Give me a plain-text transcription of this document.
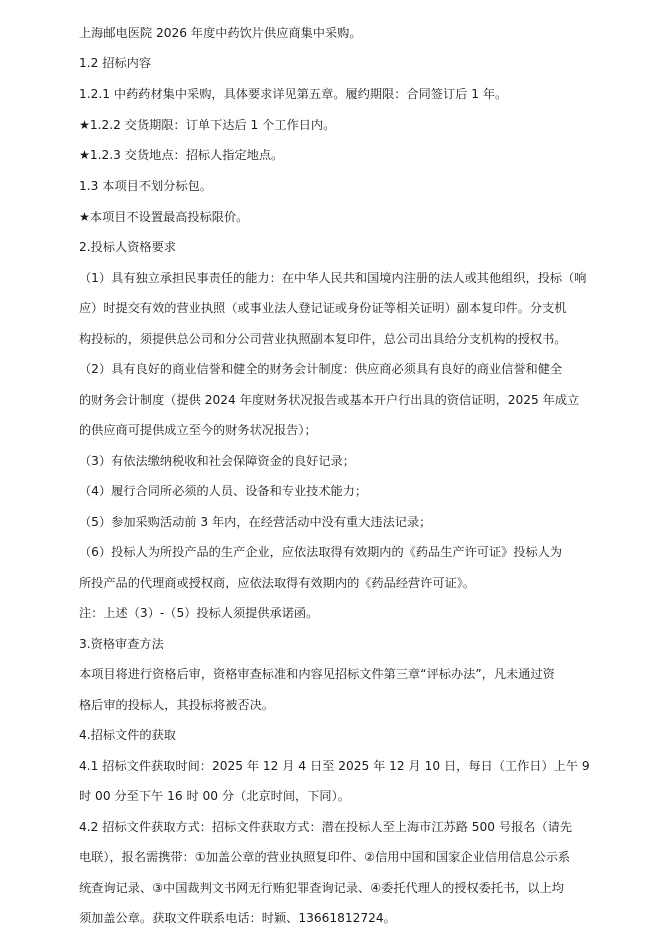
上海邮电医院 2026 年度中药饮片供应商集中采购。
1.2 招标内容
1.2.1 中药药材集中采购，具体要求详见第五章。履约期限：合同签订后 1 年。
★1.2.2 交货期限：订单下达后 1 个工作日内。
★1.2.3 交货地点：招标人指定地点。
1.3 本项目不划分标包。
★本项目不设置最高投标限价。
2.投标人资格要求
（1）具有独立承担民事责任的能力：在中华人民共和国境内注册的法人或其他组织，投标（响
应）时提交有效的营业执照（或事业法人登记证或身份证等相关证明）副本复印件。分支机
构投标的，须提供总公司和分公司营业执照副本复印件，总公司出具给分支机构的授权书。
（2）具有良好的商业信誉和健全的财务会计制度：供应商必须具有良好的商业信誉和健全
的财务会计制度（提供 2024 年度财务状况报告或基本开户行出具的资信证明，2025 年成立
的供应商可提供成立至今的财务状况报告）；
（3）有依法缴纳税收和社会保障资金的良好记录；
（4）履行合同所必须的人员、设备和专业技术能力；
（5）参加采购活动前 3 年内，在经营活动中没有重大违法记录；
（6）投标人为所投产品的生产企业，应依法取得有效期内的《药品生产许可证》投标人为
所投产品的代理商或授权商，应依法取得有效期内的《药品经营许可证》。
注：上述（3）-（5）投标人须提供承诺函。
3.资格审查方法
本项目将进行资格后审，资格审查标准和内容见招标文件第三章“评标办法”，凡未通过资
格后审的投标人，其投标将被否决。
4.招标文件的获取
4.1 招标文件获取时间：2025 年 12 月 4 日至 2025 年 12 月 10 日，每日（工作日）上午 9
时 00 分至下午 16 时 00 分（北京时间，下同）。
4.2 招标文件获取方式：招标文件获取方式：潜在投标人至上海市江苏路 500 号报名（请先
电联），报名需携带：①加盖公章的营业执照复印件、②信用中国和国家企业信用信息公示系
统查询记录、③中国裁判文书网无行贿犯罪查询记录、④委托代理人的授权委托书，以上均
须加盖公章。获取文件联系电话：时颖、13661812724。
